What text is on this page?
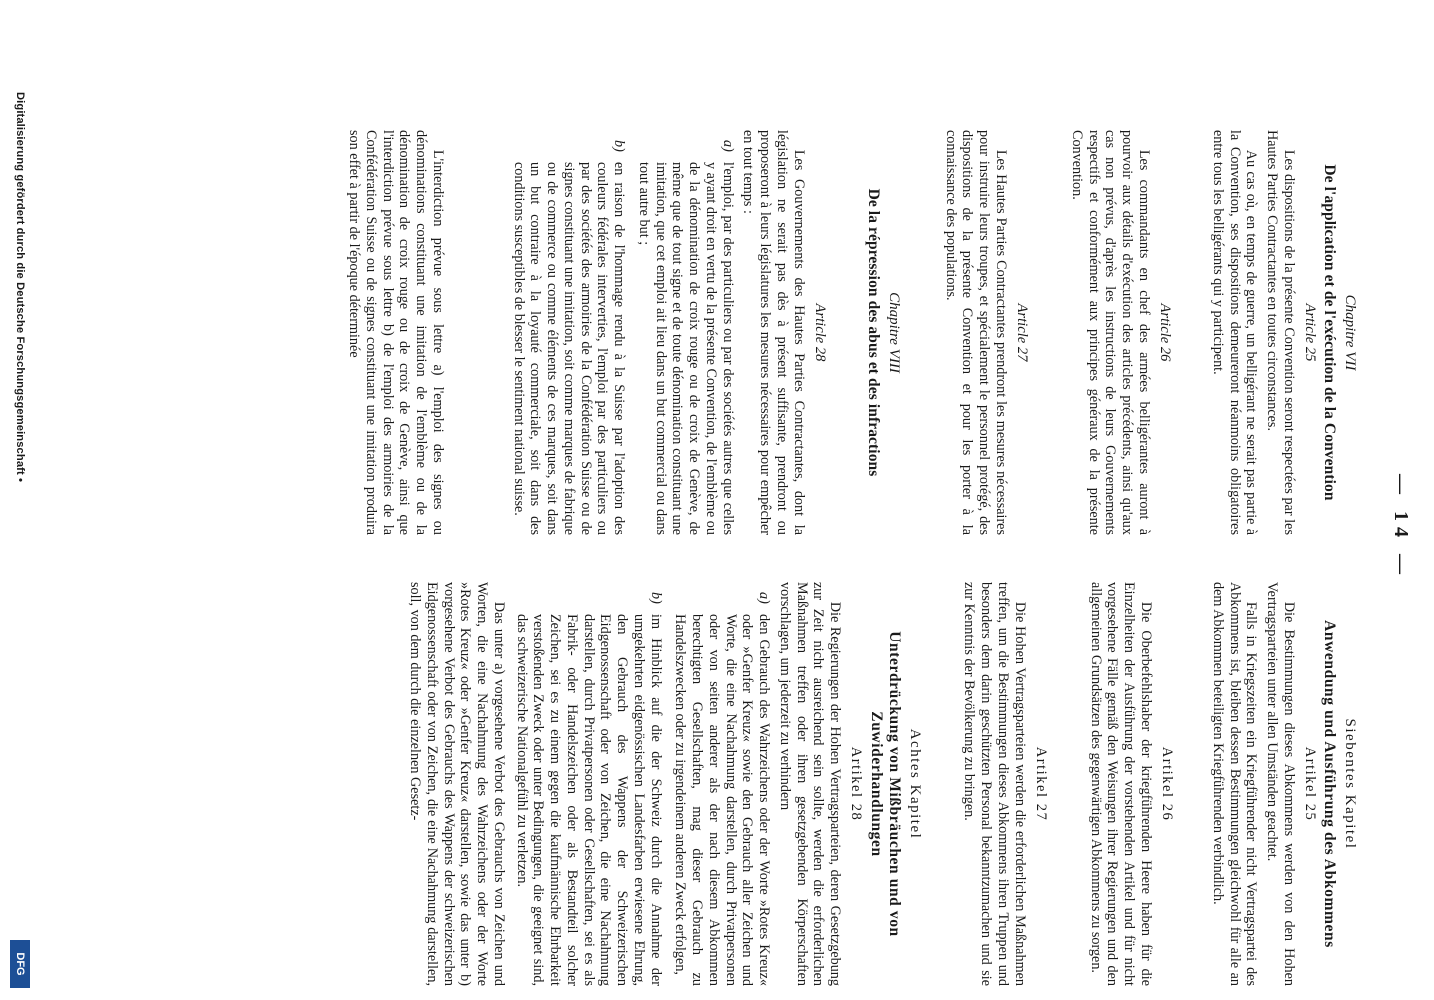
— 14 —
Chapitre VII
De l'application et de l'exécution de la Convention
Article 25

Les dispositions de la présente Convention seront respectées par les Hautes Parties Contractantes en toutes circonstances.

Au cas où, en temps de guerre, un belligérant ne serait pas partie à la Convention, ses dispositions demeureront néanmoins obligatoires entre tous les belligérants qui y participent.

Article 26

Les commandants en chef des armées belligérantes auront à pourvoir aux détails d'exécution des articles précédents, ainsi qu'aux cas non prévus, d'après les instructions de leurs Gouvernements respectifs et conformément aux principes généraux de la présente Convention.

Article 27

Les Hautes Parties Contractantes prendront les mesures nécessaires pour instruire leurs troupes, et spécialement le personnel protégé, des dispositions de la présente Convention et pour les porter à la connaissance des populations.

Chapitre VIII
De la répression des abus et des infractions
Article 28

Les Gouvernements des Hautes Parties Contractantes, dont la législation ne serait pas dès à présent suffisante, prendront ou proposeront à leurs législatures les mesures nécessaires pour empêcher en tout temps :

a)
l'emploi, par des particuliers ou par des sociétés autres que celles y ayant droit en vertu de la présente Convention, de l'emblème ou de la dénomination de croix rouge ou de croix de Genève, de même que de tout signe et de toute dénomination constituant une imitation, que cet emploi ait lieu dans un but commercial ou dans tout autre but ;
b)
en raison de l'hommage rendu à la Suisse par l'adoption des couleurs fédérales interverties, l'emploi par des particuliers ou par des sociétés des armoiries de la Confédération Suisse ou de signes constituant une imitation, soit comme marques de fabrique ou de commerce ou comme éléments de ces marques, soit dans un but contraire à la loyauté commerciale, soit dans des conditions susceptibles de blesser le sentiment national suisse.

L'interdiction prévue sous lettre a) l'emploi des signes ou dénominations constituant une imitation de l'emblème ou de la dénomination de croix rouge ou de croix de Genève, ainsi que l'interdiction prévue sous lettre b) de l'emploi des armoiries de la Confédération Suisse ou de signes constituant une imitation produira son effet à partir de l'époque déterminée

Siebentes Kapitel
Anwendung und Ausführung des Abkommens
Artikel 25

Die Bestimmungen dieses Abkommens werden von den Hohen Vertragsparteien unter allen Umständen geachtet.

Falls in Kriegszeiten ein Kriegführender nicht Vertragspartei des Abkommens ist, bleiben dessen Bestimmungen gleichwohl für alle an dem Abkommen beteiligten Kriegführenden verbindlich.

Artikel 26

Die Oberbefehlshaber der kriegführenden Heere haben für die Einzelheiten der Ausführung der vorstehenden Artikel und für nicht vorgesehene Fälle gemäß den Weisungen ihrer Regierungen und den allgemeinen Grundsätzen des gegenwärtigen Abkommens zu sorgen.

Artikel 27

Die Hohen Vertragsparteien werden die erforderlichen Maßnahmen treffen, um die Bestimmungen dieses Abkommens ihren Truppen und besonders dem darin geschützten Personal bekanntzumachen und sie zur Kenntnis der Bevölkerung zu bringen.

Achtes Kapitel
Unterdrückung von Mißbräuchen und von Zuwiderhandlungen
Artikel 28

Die Regierungen der Hohen Vertragsparteien, deren Gesetzgebung zur Zeit nicht ausreichend sein sollte, werden die erforderlichen Maßnahmen treffen oder ihren gesetzgebenden Körperschaften vorschlagen, um jederzeit zu verhindern

a)
den Gebrauch des Wahrzeichens oder der Worte »Rotes Kreuz« oder »Genfer Kreuz« sowie den Gebrauch aller Zeichen und Worte, die eine Nachahmung darstellen, durch Privatpersonen oder von seiten anderer als der nach diesem Abkommen berechtigten Gesellschaften, mag dieser Gebrauch zu Handelszwecken oder zu irgendeinem anderen Zweck erfolgen,
b)
im Hinblick auf die der Schweiz durch die Annahme der umgekehrten eidgenössischen Landesfarben erwiesene Ehrung, den Gebrauch des Wappens der Schweizerischen Eidgenossenschaft oder von Zeichen, die eine Nachahmung darstellen, durch Privatpersonen oder Gesellschaften, sei es als Fabrik- oder Handelszeichen oder als Bestandteil solcher Zeichen, sei es zu einem gegen die kaufmännische Ehrbarkeit verstoßenden Zweck oder unter Bedingungen, die geeignet sind, das schweizerische Nationalgefühl zu verletzen.

Das unter a) vorgesehene Verbot des Gebrauchs von Zeichen und Worten, die eine Nachahmung des Wahrzeichens oder der Worte »Rotes Kreuz« oder »Genfer Kreuz« darstellen, sowie das unter b) vorgesehene Verbot des Gebrauchs des Wappens der schweizerischen Eidgenossenschaft oder von Zeichen, die eine Nachahmung darstellen, soll, von dem durch die einzelnen Gesetz-

Digitalisierung gefördert durch die Deutsche Forschungsgemeinschaft •
DFG
